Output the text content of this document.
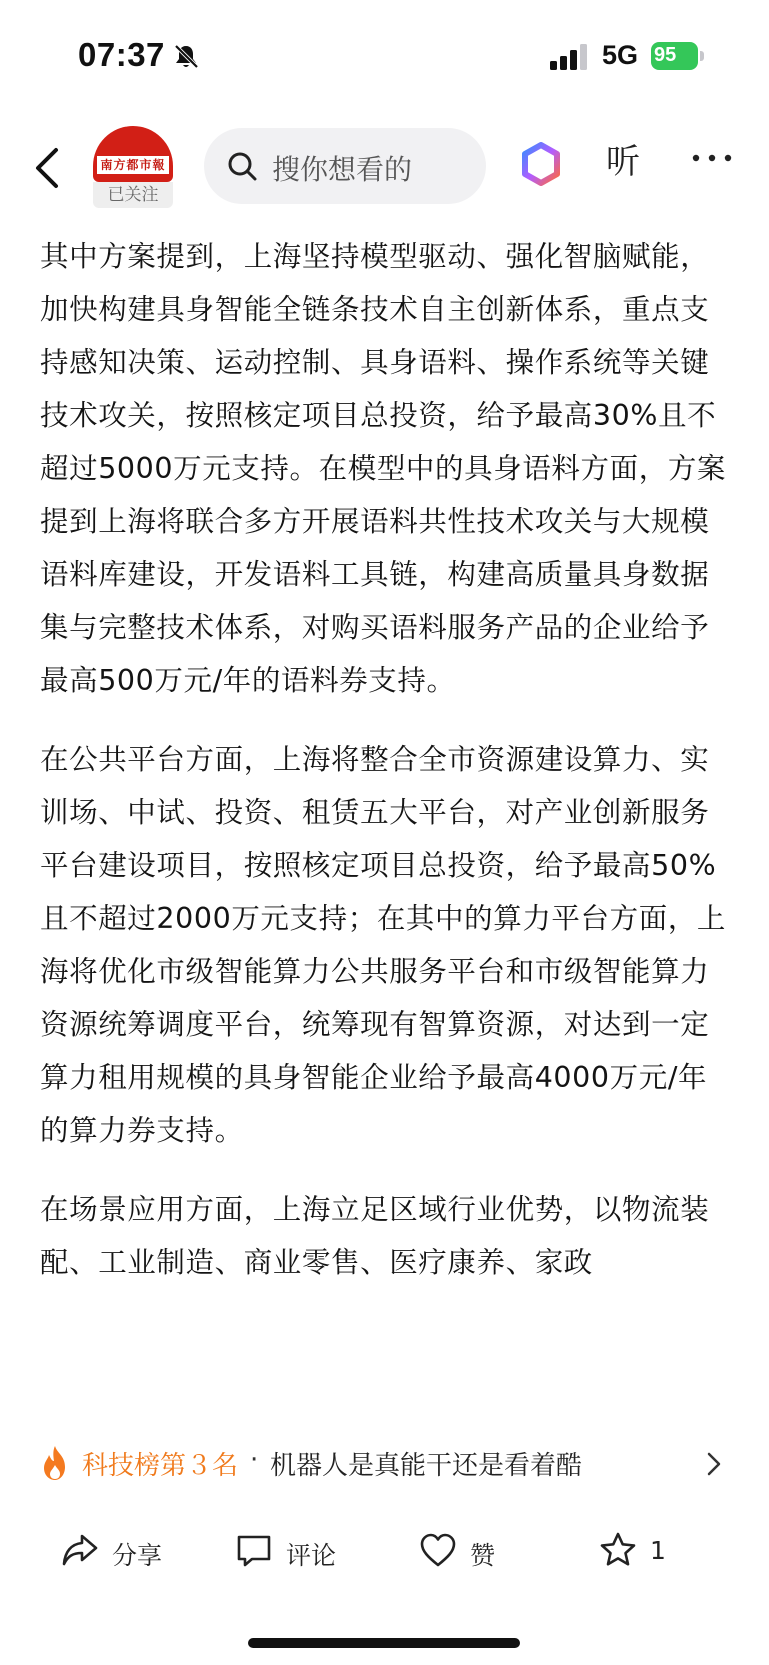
07:37	5G 95
南方都市報
已关注
搜你想看的	听

其中方案提到，上海坚持模型驱动、强化智脑赋能，加快构建具身智能全链条技术自主创新体系，重点支持感知决策、运动控制、具身语料、操作系统等关键技术攻关，按照核定项目总投资，给予最高30%且不超过5000万元支持。在模型中的具身语料方面，方案提到上海将联合多方开展语料共性技术攻关与大规模语料库建设，开发语料工具链，构建高质量具身数据集与完整技术体系，对购买语料服务产品的企业给予最高500万元/年的语料券支持。

在公共平台方面，上海将整合全市资源建设算力、实训场、中试、投资、租赁五大平台，对产业创新服务平台建设项目，按照核定项目总投资，给予最高50%且不超过2000万元支持；在其中的算力平台方面，上海将优化市级智能算力公共服务平台和市级智能算力资源统筹调度平台，统筹现有智算资源，对达到一定算力租用规模的具身智能企业给予最高4000万元/年的算力券支持。

在场景应用方面，上海立足区域行业优势，以物流装配、工业制造、商业零售、医疗康养、家政

科技榜第３名 · 机器人是真能干还是看着酷
分享	评论	赞	1
